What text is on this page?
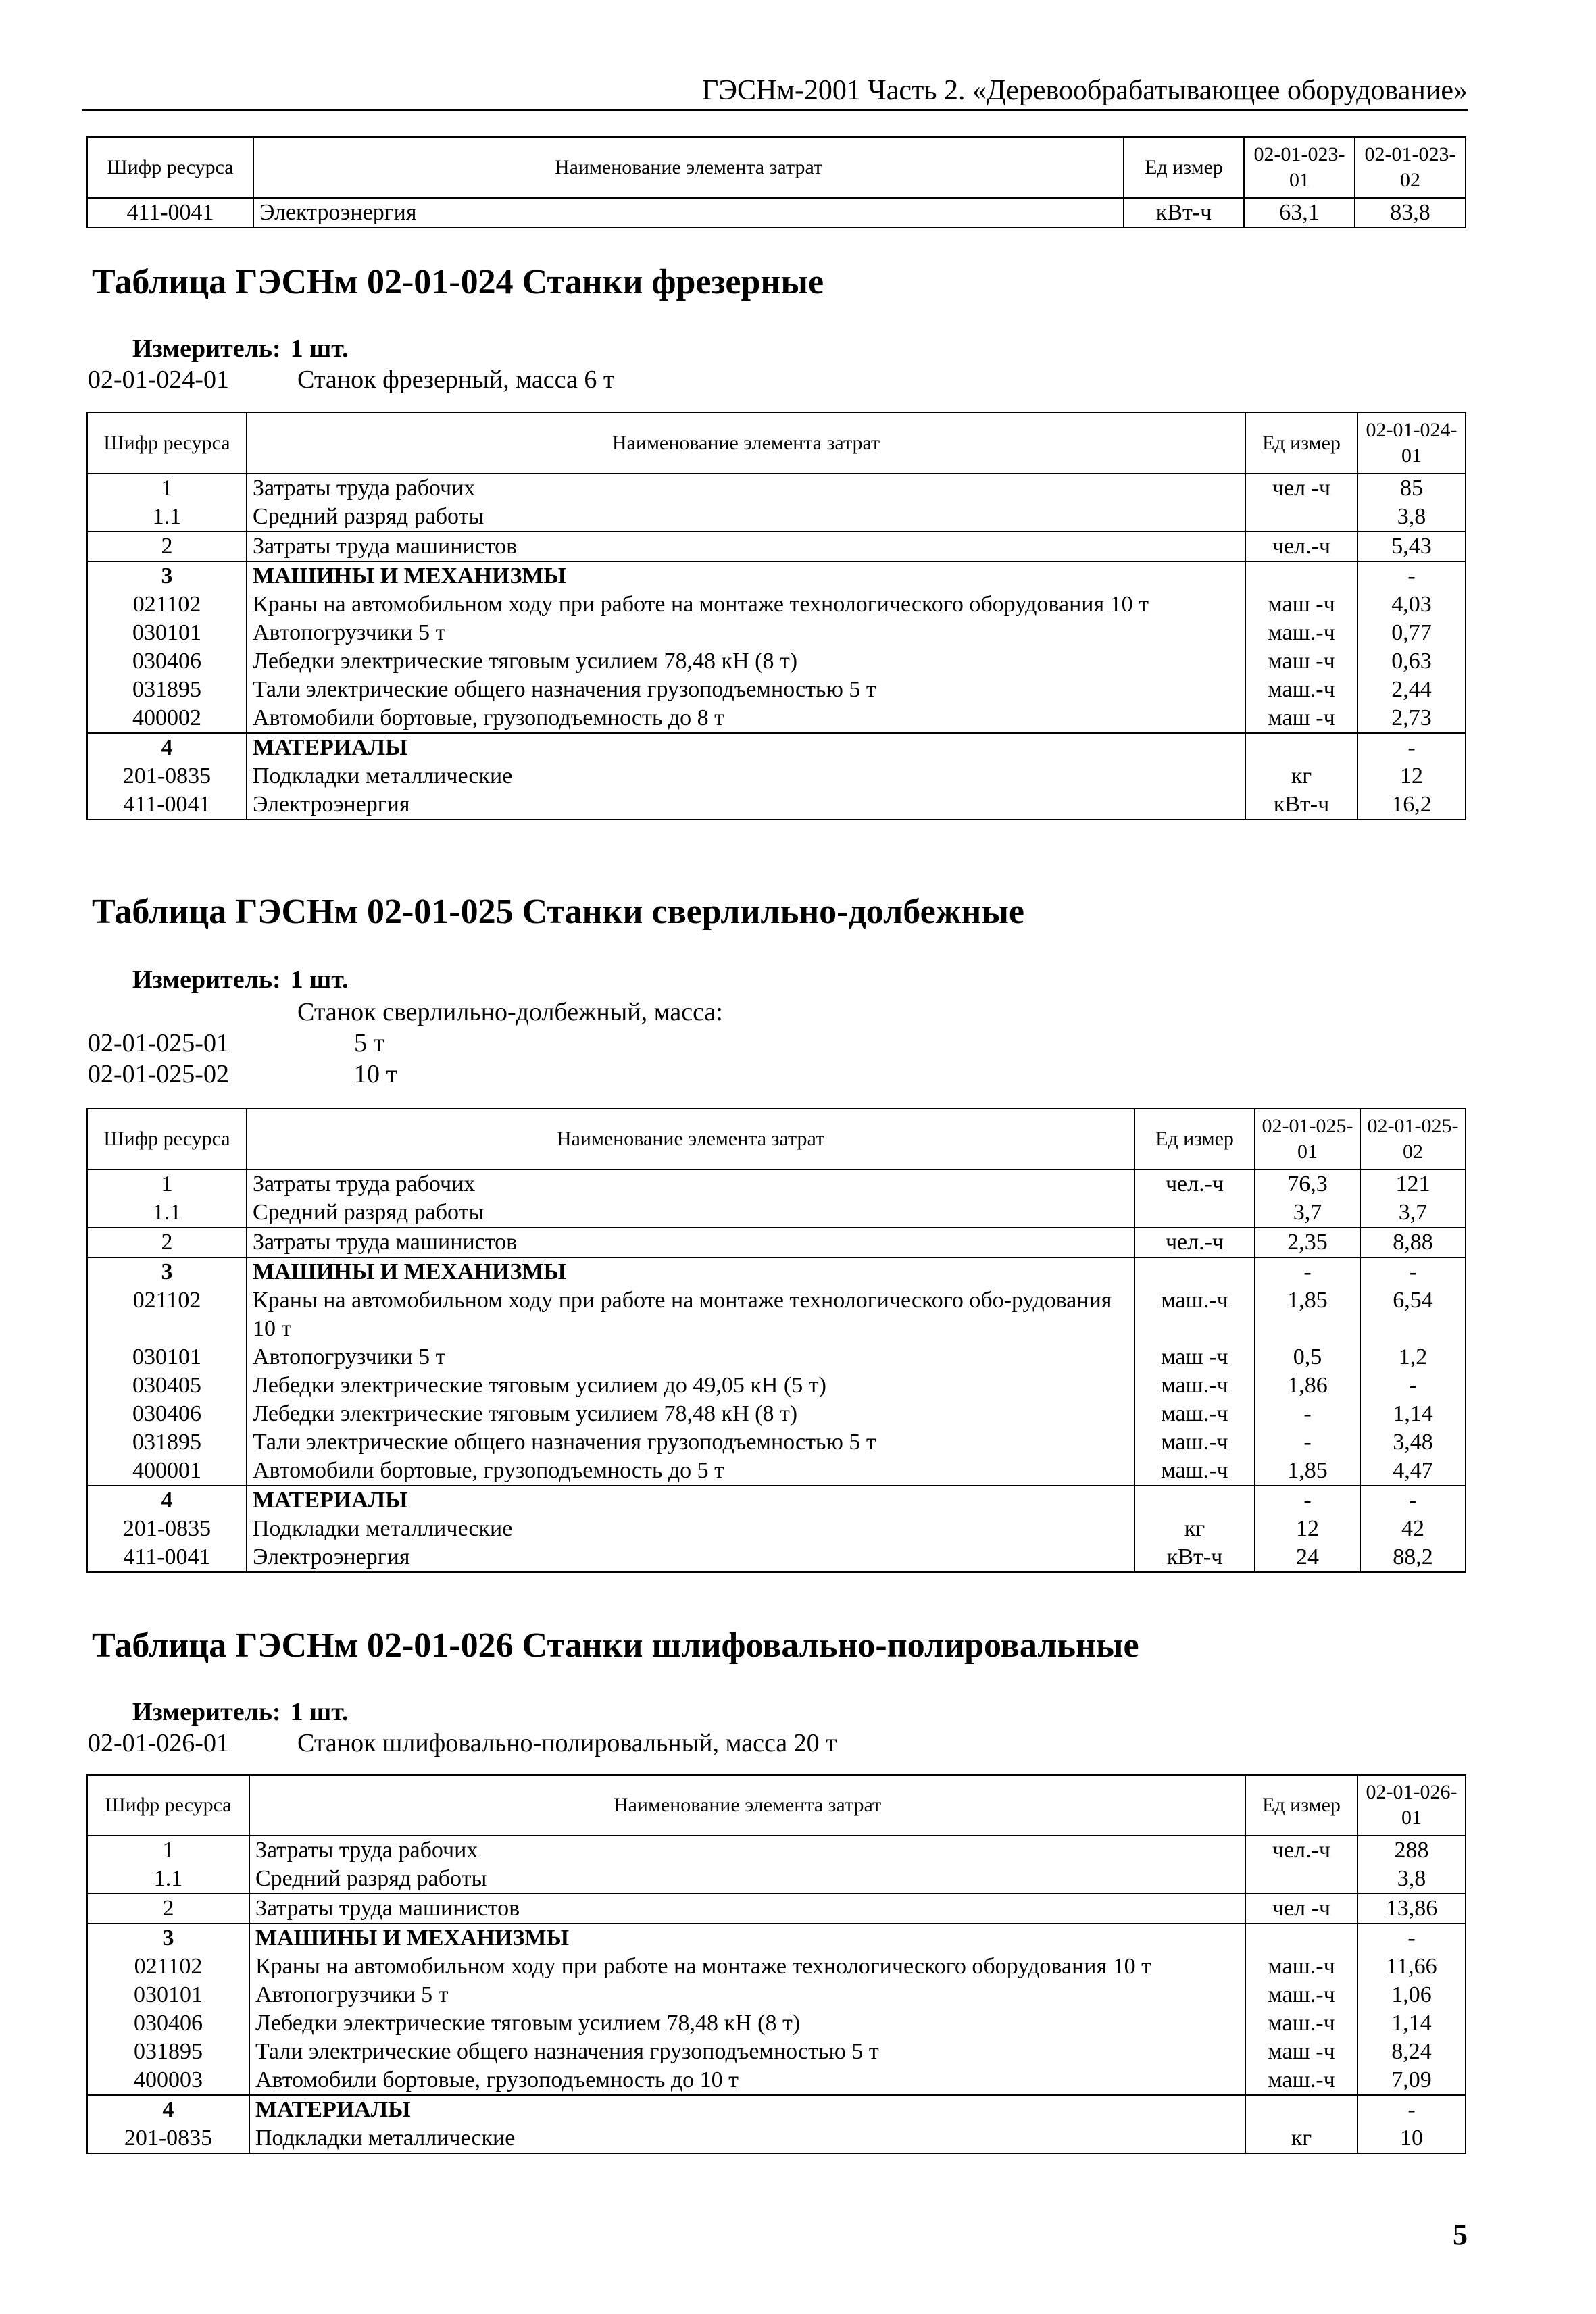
ГЭСНм-2001 Часть 2. «Деревообрабатывающее оборудование»
Шифр ресурса	Наименование элемента затрат	Ед измер	02-01-023-01	02-01-023-02
411-0041	Электроэнергия	кВт-ч	63,1	83,8
Таблица ГЭСНм 02-01-024 Станки фрезерные
Измеритель: 1 шт.
02-01-024-01	Станок фрезерный, масса 6 т
Шифр ресурса	Наименование элемента затрат	Ед измер	02-01-024-01
1	Затраты труда рабочих	чел -ч	85
1.1	Средний разряд работы		3,8
2	Затраты труда машинистов	чел.-ч	5,43
3	МАШИНЫ И МЕХАНИЗМЫ		-
021102	Краны на автомобильном ходу при работе на монтаже технологического оборудования 10 т	маш -ч	4,03
030101	Автопогрузчики 5 т	маш.-ч	0,77
030406	Лебедки электрические тяговым усилием 78,48 кН (8 т)	маш -ч	0,63
031895	Тали электрические общего назначения грузоподъемностью 5 т	маш.-ч	2,44
400002	Автомобили бортовые, грузоподъемность до 8 т	маш -ч	2,73
4	МАТЕРИАЛЫ		-
201-0835	Подкладки металлические	кг	12
411-0041	Электроэнергия	кВт-ч	16,2
Таблица ГЭСНм 02-01-025 Станки сверлильно-долбежные
Измеритель: 1 шт.
Станок сверлильно-долбежный, масса:
02-01-025-01	5 т
02-01-025-02	10 т
Шифр ресурса	Наименование элемента затрат	Ед измер	02-01-025-01	02-01-025-02
1	Затраты труда рабочих	чел.-ч	76,3	121
1.1	Средний разряд работы		3,7	3,7
2	Затраты труда машинистов	чел.-ч	2,35	8,88
3	МАШИНЫ И МЕХАНИЗМЫ		-	-
021102	Краны на автомобильном ходу при работе на монтаже технологического обо-рудования 10 т	маш.-ч	1,85	6,54
030101	Автопогрузчики 5 т	маш -ч	0,5	1,2
030405	Лебедки электрические тяговым усилием до 49,05 кН (5 т)	маш.-ч	1,86	-
030406	Лебедки электрические тяговым усилием 78,48 кН (8 т)	маш.-ч	-	1,14
031895	Тали электрические общего назначения грузоподъемностью 5 т	маш.-ч	-	3,48
400001	Автомобили бортовые, грузоподъемность до 5 т	маш.-ч	1,85	4,47
4	МАТЕРИАЛЫ		-	-
201-0835	Подкладки металлические	кг	12	42
411-0041	Электроэнергия	кВт-ч	24	88,2
Таблица ГЭСНм 02-01-026 Станки шлифовально-полировальные
Измеритель: 1 шт.
02-01-026-01	Станок шлифовально-полировальный, масса 20 т
Шифр ресурса	Наименование элемента затрат	Ед измер	02-01-026-01
1	Затраты труда рабочих	чел.-ч	288
1.1	Средний разряд работы		3,8
2	Затраты труда машинистов	чел -ч	13,86
3	МАШИНЫ И МЕХАНИЗМЫ		-
021102	Краны на автомобильном ходу при работе на монтаже технологического оборудования 10 т	маш.-ч	11,66
030101	Автопогрузчики 5 т	маш.-ч	1,06
030406	Лебедки электрические тяговым усилием 78,48 кН (8 т)	маш.-ч	1,14
031895	Тали электрические общего назначения грузоподъемностью 5 т	маш -ч	8,24
400003	Автомобили бортовые, грузоподъемность до 10 т	маш.-ч	7,09
4	МАТЕРИАЛЫ		-
201-0835	Подкладки металлические	кг	10
5
